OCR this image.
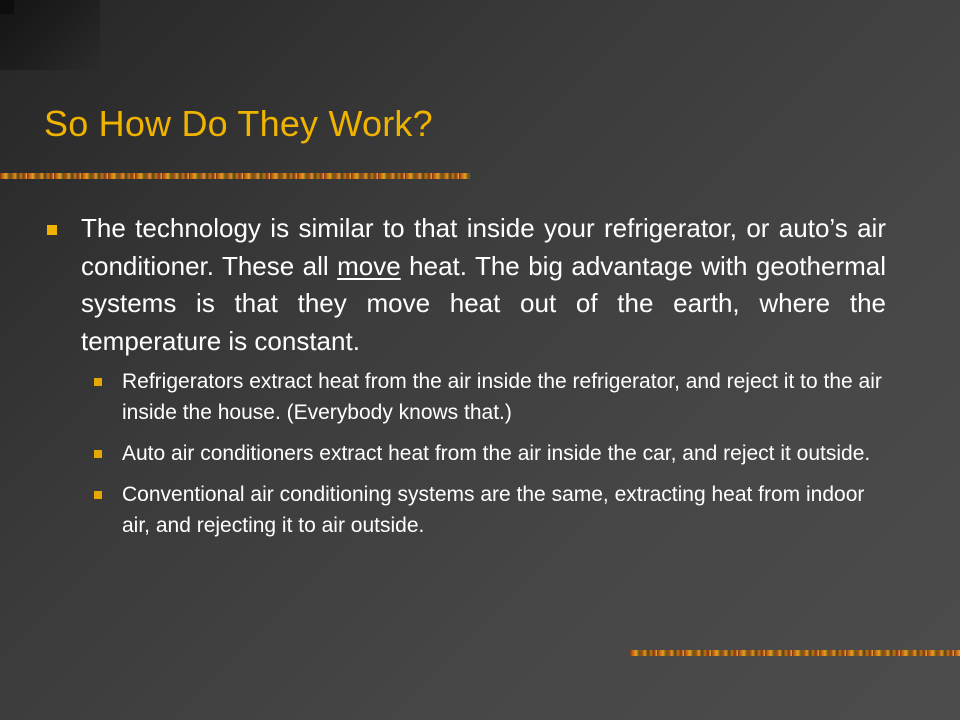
So How Do They Work?
The technology is similar to that inside your refrigerator, or auto’s air conditioner. These all move heat. The big advantage with geothermal systems is that they move heat out of the earth, where the temperature is constant.
Refrigerators extract heat from the air inside the refrigerator, and reject it to the air inside the house. (Everybody knows that.)
Auto air conditioners extract heat from the air inside the car, and reject it outside.
Conventional air conditioning systems are the same, extracting heat from indoor air, and rejecting it to air outside.
